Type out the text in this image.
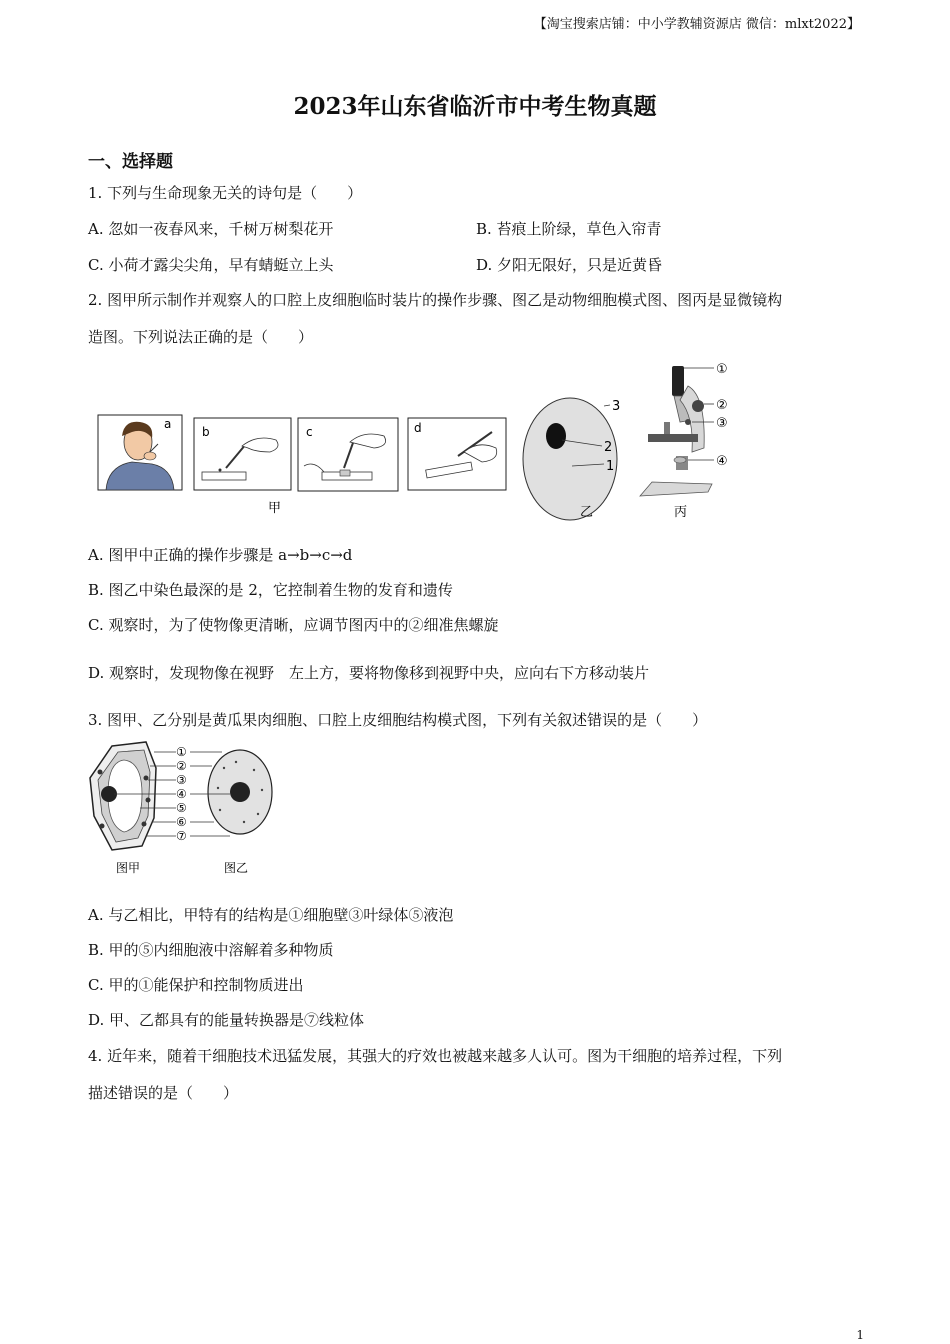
【淘宝搜索店铺：中小学教辅资源店 微信：mlxt2022】
2023年山东省临沂市中考生物真题
一、选择题
1. 下列与生命现象无关的诗句是（　　）
A. 忽如一夜春风来，千树万树梨花开	B. 苔痕上阶绿，草色入帘青
C. 小荷才露尖尖角，早有蜻蜓立上头	D. 夕阳无限好，只是近黄昏
2. 图甲所示制作并观察人的口腔上皮细胞临时装片的操作步骤、图乙是动物细胞模式图、图丙是显微镜构
造图。下列说法正确的是（　　）
a
b	c	d
甲
3
2
1
乙
①
②
③
④
丙
A. 图甲中正确的操作步骤是 a→b→c→d
B. 图乙中染色最深的是 2，它控制着生物的发育和遗传
C. 观察时，为了使物像更清晰，应调节图丙中的②细准焦螺旋
D. 观察时，发现物像在视野　左上方，要将物像移到视野中央，应向右下方移动装片
3. 图甲、乙分别是黄瓜果肉细胞、口腔上皮细胞结构模式图，下列有关叙述错误的是（　　）
①
②
③
④
⑤
⑥
⑦
图甲	图乙
A. 与乙相比，甲特有的结构是①细胞壁③叶绿体⑤液泡
B. 甲的⑤内细胞液中溶解着多种物质
C. 甲的①能保护和控制物质进出
D. 甲、乙都具有的能量转换器是⑦线粒体
4. 近年来，随着干细胞技术迅猛发展，其强大的疗效也被越来越多人认可。图为干细胞的培养过程，下列
描述错误的是（　　）
1
